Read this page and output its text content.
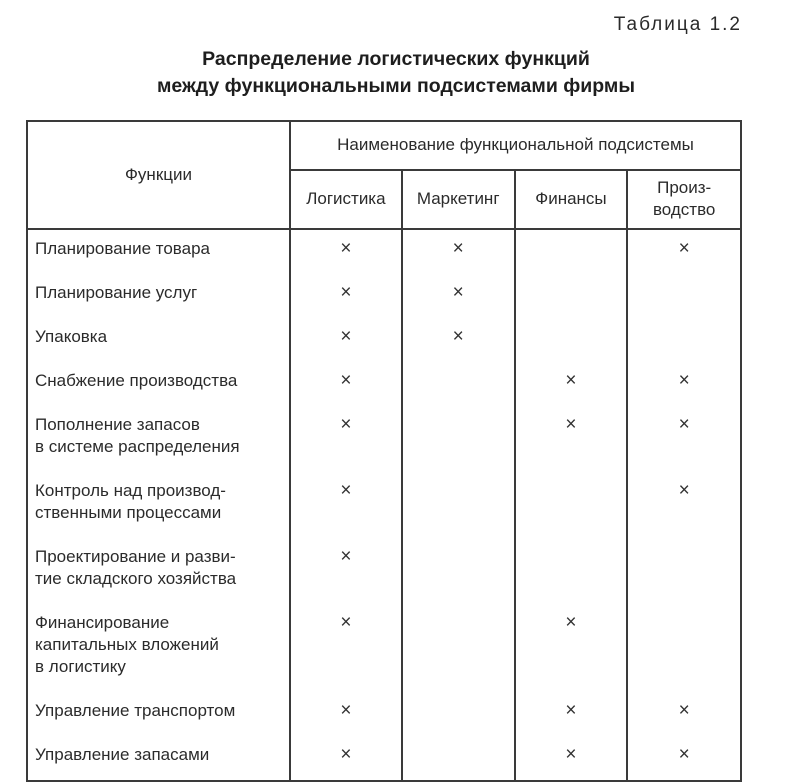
Таблица 1.2
Распределение логистических функций
между функциональными подсистемами фирмы
Функции	Наименование функциональной подсистемы			
	Логистика	Маркетинг	Финансы	Произ-
водство

Планирование товара	×	×		×

Планирование услуг	×	×		

Упаковка	×	×		

Снабжение производства	×		×	×

Пополнение запасов
в системе распределения	×		×	×

Контроль над производ-
ственными процессами	×			×

Проектирование и разви-
тие складского хозяйства	×			

Финансирование
капитальных вложений
в логистику	×		×	

Управление транспортом	×		×	×

Управление запасами	×		×	×
